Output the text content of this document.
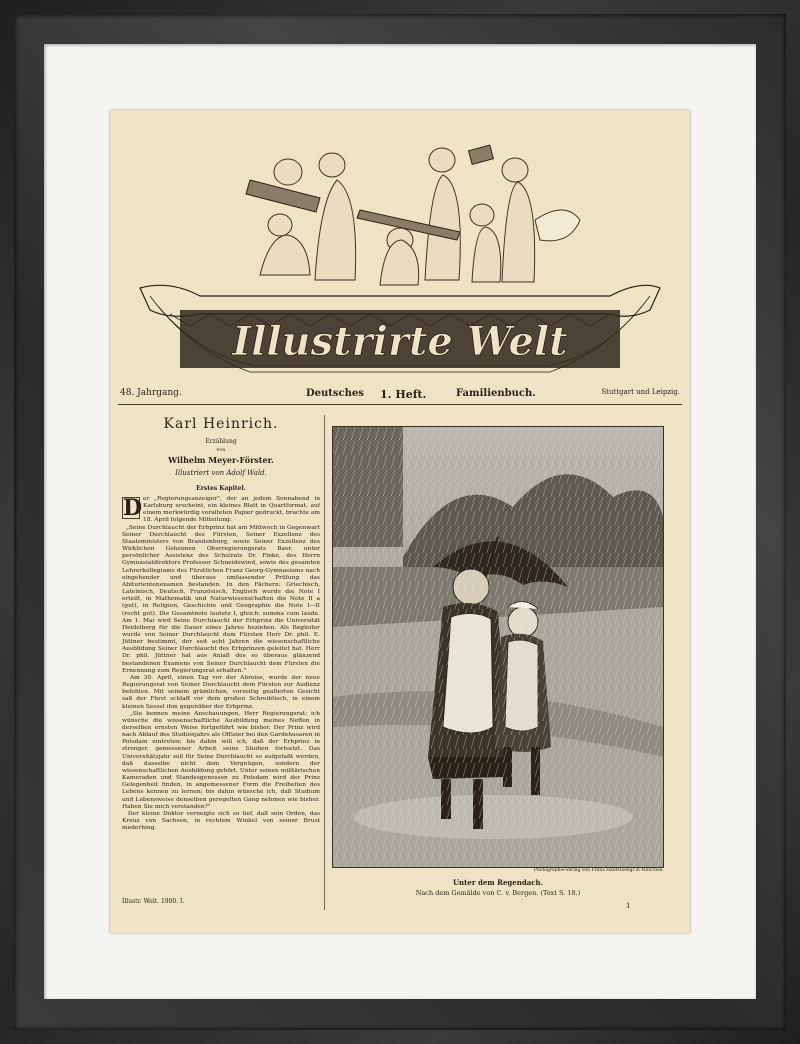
Illustrirte Welt
48. Jahrgang.	Deutsches 1. Heft.	Familienbuch.	Stuttgart und Leipzig.
Karl Heinrich.
Erzählung
von
Wilhelm Meyer-Förster.
Illustriert von Adolf Wald.
Erstes Kapitel.
D er „Regierungsanzeiger", der an jedem Sonnabend in Karlsburg erscheint, ein kleines Blatt in Quartformat, auf einem merkwürdig veralteten Papier gedruckt, brachte am 18. April folgende Mitteilung:
„Seine Durchlaucht der Erbprinz hat am Mittwoch in Gegenwart Seiner Durchlaucht des Fürsten, Seiner Exzellenz des Staatsministers von Brandenburg, sowie Seiner Exzellenz des Wirklichen Geheimen Oberregierungsrats Baer, unter persönlicher Assistenz des Schulrats Dr. Finke, des Herrn Gymnasialdirektors Professor Schneidewind, sowie des gesamten Lehrerkollegiums des Fürstlichen Franz Georg-Gymnasiums nach eingehender und überaus umfassender Prüfung das Abiturientenexamen bestanden. In den Fächern: Griechisch, Lateinisch, Deutsch, Französisch, Englisch wurde die Note I erteilt, in Mathematik und Naturwissenschaften die Note II a (gut), in Religion, Geschichte und Geographie die Note I—II (recht gut). Die Gesamtnote lautete I, gleich: summa cum laude. Am 1. Mai wird Seine Durchlaucht der Erbprinz die Universität Heidelberg für die Dauer eines Jahres beziehen. Als Begleiter wurde von Seiner Durchlaucht dem Fürsten Herr Dr. phil. E. Jüttner bestimmt, der seit acht Jahren die wissenschaftliche Ausbildung Seiner Durchlaucht des Erbprinzen geleitet hat. Herr Dr. phil. Jüttner hat aus Anlaß des so überaus glänzend bestandenen Examens von Seiner Durchlaucht dem Fürsten die Ernennung zum Regierungsrat erhalten."
Am 30. April, einen Tag vor der Abreise, wurde der neue Regierungsrat von Seiner Durchlaucht dem Fürsten zur Audienz befohlen. Mit seinem grämlichen, vorzeitig gealterten Gesicht saß der Fürst schlaff vor dem großen Schreibtisch, in einem kleinen Sessel ihm gegenüber der Erbprinz.
„Sie kennen meine Anschauungen, Herr Regierungsrat; ich wünsche die wissenschaftliche Ausbildung meines Neffen in derselben ernsten Weise fortgeführt wie bisher. Der Prinz wird nach Ablauf des Studienjahrs als Offizier bei den Gardehusaren in Potsdam eintreten; bis dahin will ich, daß der Erbprinz in strenger, gemessener Arbeit seine Studien fortsetzt. Das Universitätsjahr soll für Seine Durchlaucht so aufgefaßt werden, daß dasselbe nicht dem Vergnügen, sondern der wissenschaftlichen Ausbildung gehört. Unter seinen militärischen Kameraden und Standesgenossen zu Potsdam wird der Prinz Gelegenheit finden, in angemessener Form die Freiheiten des Lebens kennen zu lernen; bis dahin wünsche ich, daß Studium und Lebensweise denselben geregelten Gang nehmen wie bisher. Haben Sie mich verstanden?"
Der kleine Doktor verneigte sich so tief, daß sein Orden, das Kreuz von Sachsen, in rechtem Winkel von seiner Brust niederhing.
Illustr. Welt. 1900. I.
Photographie-Verlag von Franz Hanfstaengl in München.
Unter dem Regendach.
Nach dem Gemälde von C. v. Bergen. (Text S. 18.)
1
